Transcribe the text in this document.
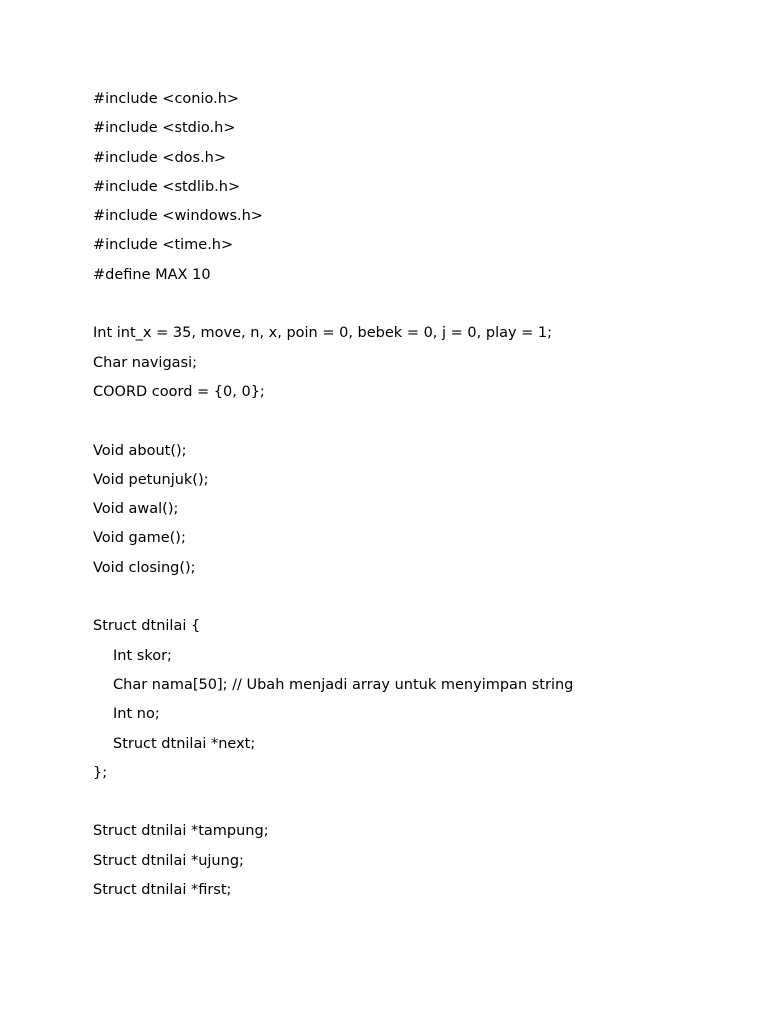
#include <conio.h>
#include <stdio.h>
#include <dos.h>
#include <stdlib.h>
#include <windows.h>
#include <time.h>
#define MAX 10
Int int_x = 35, move, n, x, poin = 0, bebek = 0, j = 0, play = 1;
Char navigasi;
COORD coord = {0, 0};
Void about();
Void petunjuk();
Void awal();
Void game();
Void closing();
Struct dtnilai {
Int skor;
Char nama[50]; // Ubah menjadi array untuk menyimpan string
Int no;
Struct dtnilai *next;
};
Struct dtnilai *tampung;
Struct dtnilai *ujung;
Struct dtnilai *first;
